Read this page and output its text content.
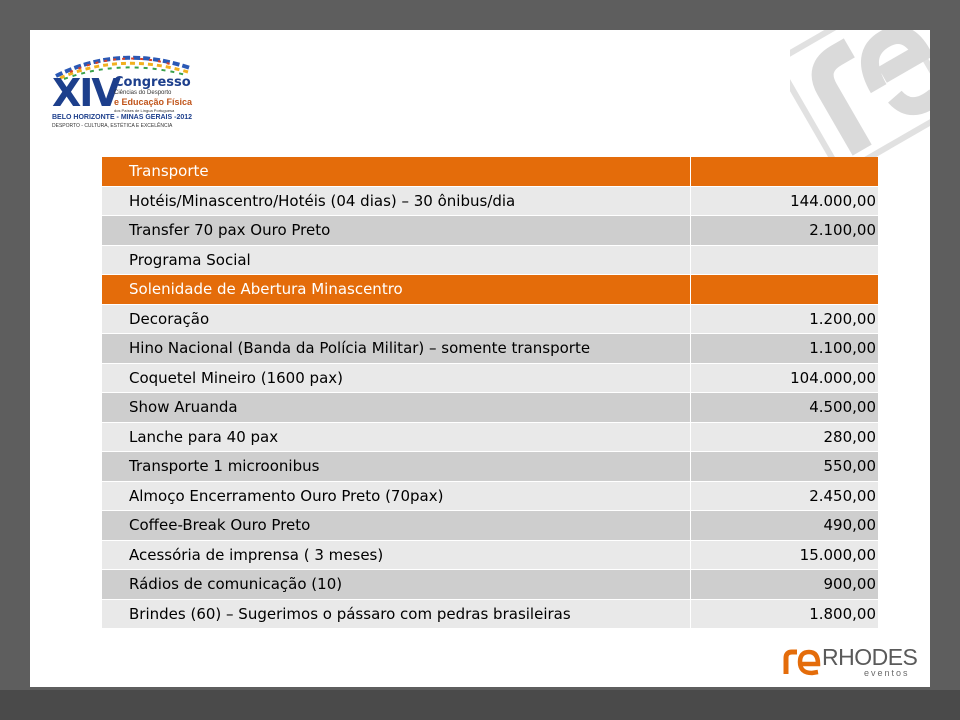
XIV
Congresso
Ciências do Desporto
e Educação Física
dos Países de Língua Portuguesa
BELO HORIZONTE - MINAS GERAIS -2012
DESPORTO - CULTURA, ESTÉTICA E EXCELÊNCIA
Transporte	
Hotéis/Minascentro/Hotéis (04 dias) – 30 ônibus/dia	144.000,00
Transfer 70 pax Ouro Preto	2.100,00
Programa Social	
Solenidade de Abertura Minascentro	
Decoração	1.200,00
Hino Nacional (Banda da Polícia Militar) – somente transporte	1.100,00
Coquetel Mineiro (1600 pax)	104.000,00
Show Aruanda	4.500,00
Lanche para 40 pax	280,00
Transporte 1 microonibus	550,00
Almoço Encerramento Ouro Preto (70pax)	2.450,00
Coffee-Break Ouro Preto	490,00
Acessória de imprensa ( 3 meses)	15.000,00
Rádios de comunicação (10)	900,00
Brindes (60) – Sugerimos o pássaro com pedras brasileiras	1.800,00
RHODES
eventos
